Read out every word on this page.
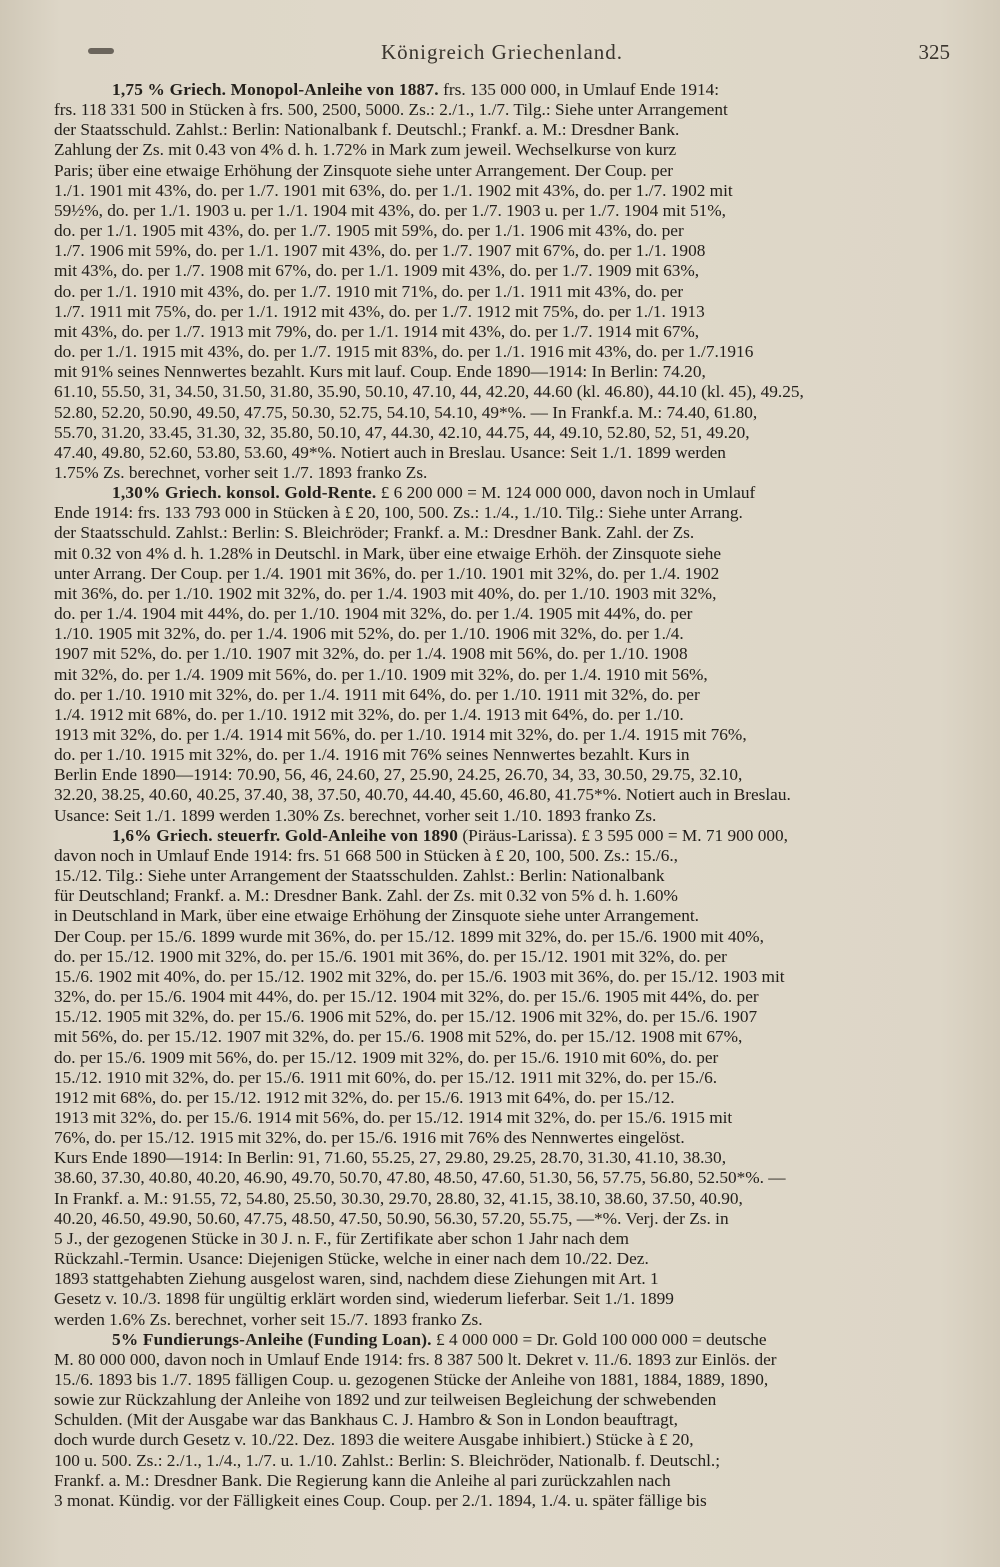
Königreich Griechenland.	325

1,75 % Griech. Monopol-Anleihe von 1887. frs. 135 000 000, in Umlauf Ende 1914:

frs. 118 331 500 in Stücken à frs. 500, 2500, 5000. Zs.: 2./1., 1./7. Tilg.: Siehe unter Arrangement

der Staatsschuld. Zahlst.: Berlin: Nationalbank f. Deutschl.; Frankf. a. M.: Dresdner Bank.

Zahlung der Zs. mit 0.43 von 4% d. h. 1.72% in Mark zum jeweil. Wechselkurse von kurz

Paris; über eine etwaige Erhöhung der Zinsquote siehe unter Arrangement. Der Coup. per

1./1. 1901 mit 43%, do. per 1./7. 1901 mit 63%, do. per 1./1. 1902 mit 43%, do. per 1./7. 1902 mit

59½%, do. per 1./1. 1903 u. per 1./1. 1904 mit 43%, do. per 1./7. 1903 u. per 1./7. 1904 mit 51%,

do. per 1./1. 1905 mit 43%, do. per 1./7. 1905 mit 59%, do. per 1./1. 1906 mit 43%, do. per

1./7. 1906 mit 59%, do. per 1./1. 1907 mit 43%, do. per 1./7. 1907 mit 67%, do. per 1./1. 1908

mit 43%, do. per 1./7. 1908 mit 67%, do. per 1./1. 1909 mit 43%, do. per 1./7. 1909 mit 63%,

do. per 1./1. 1910 mit 43%, do. per 1./7. 1910 mit 71%, do. per 1./1. 1911 mit 43%, do. per

1./7. 1911 mit 75%, do. per 1./1. 1912 mit 43%, do. per 1./7. 1912 mit 75%, do. per 1./1. 1913

mit 43%, do. per 1./7. 1913 mit 79%, do. per 1./1. 1914 mit 43%, do. per 1./7. 1914 mit 67%,

do. per 1./1. 1915 mit 43%, do. per 1./7. 1915 mit 83%, do. per 1./1. 1916 mit 43%, do. per 1./7.1916

mit 91% seines Nennwertes bezahlt. Kurs mit lauf. Coup. Ende 1890—1914: In Berlin: 74.20,

61.10, 55.50, 31, 34.50, 31.50, 31.80, 35.90, 50.10, 47.10, 44, 42.20, 44.60 (kl. 46.80), 44.10 (kl. 45), 49.25,

52.80, 52.20, 50.90, 49.50, 47.75, 50.30, 52.75, 54.10, 54.10, 49*%. — In Frankf.a. M.: 74.40, 61.80,

55.70, 31.20, 33.45, 31.30, 32, 35.80, 50.10, 47, 44.30, 42.10, 44.75, 44, 49.10, 52.80, 52, 51, 49.20,

47.40, 49.80, 52.60, 53.80, 53.60, 49*%. Notiert auch in Breslau. Usance: Seit 1./1. 1899 werden

1.75% Zs. berechnet, vorher seit 1./7. 1893 franko Zs.

1,30% Griech. konsol. Gold-Rente. £ 6 200 000 = M. 124 000 000, davon noch in Umlauf

Ende 1914: frs. 133 793 000 in Stücken à £ 20, 100, 500. Zs.: 1./4., 1./10. Tilg.: Siehe unter Arrang.

der Staatsschuld. Zahlst.: Berlin: S. Bleichröder; Frankf. a. M.: Dresdner Bank. Zahl. der Zs.

mit 0.32 von 4% d. h. 1.28% in Deutschl. in Mark, über eine etwaige Erhöh. der Zinsquote siehe

unter Arrang. Der Coup. per 1./4. 1901 mit 36%, do. per 1./10. 1901 mit 32%, do. per 1./4. 1902

mit 36%, do. per 1./10. 1902 mit 32%, do. per 1./4. 1903 mit 40%, do. per 1./10. 1903 mit 32%,

do. per 1./4. 1904 mit 44%, do. per 1./10. 1904 mit 32%, do. per 1./4. 1905 mit 44%, do. per

1./10. 1905 mit 32%, do. per 1./4. 1906 mit 52%, do. per 1./10. 1906 mit 32%, do. per 1./4.

1907 mit 52%, do. per 1./10. 1907 mit 32%, do. per 1./4. 1908 mit 56%, do. per 1./10. 1908

mit 32%, do. per 1./4. 1909 mit 56%, do. per 1./10. 1909 mit 32%, do. per 1./4. 1910 mit 56%,

do. per 1./10. 1910 mit 32%, do. per 1./4. 1911 mit 64%, do. per 1./10. 1911 mit 32%, do. per

1./4. 1912 mit 68%, do. per 1./10. 1912 mit 32%, do. per 1./4. 1913 mit 64%, do. per 1./10.

1913 mit 32%, do. per 1./4. 1914 mit 56%, do. per 1./10. 1914 mit 32%, do. per 1./4. 1915 mit 76%,

do. per 1./10. 1915 mit 32%, do. per 1./4. 1916 mit 76% seines Nennwertes bezahlt. Kurs in

Berlin Ende 1890—1914: 70.90, 56, 46, 24.60, 27, 25.90, 24.25, 26.70, 34, 33, 30.50, 29.75, 32.10,

32.20, 38.25, 40.60, 40.25, 37.40, 38, 37.50, 40.70, 44.40, 45.60, 46.80, 41.75*%. Notiert auch in Breslau.

Usance: Seit 1./1. 1899 werden 1.30% Zs. berechnet, vorher seit 1./10. 1893 franko Zs.

1,6% Griech. steuerfr. Gold-Anleihe von 1890 (Piräus-Larissa). £ 3 595 000 = M. 71 900 000,

davon noch in Umlauf Ende 1914: frs. 51 668 500 in Stücken à £ 20, 100, 500. Zs.: 15./6.,

15./12. Tilg.: Siehe unter Arrangement der Staatsschulden. Zahlst.: Berlin: Nationalbank

für Deutschland; Frankf. a. M.: Dresdner Bank. Zahl. der Zs. mit 0.32 von 5% d. h. 1.60%

in Deutschland in Mark, über eine etwaige Erhöhung der Zinsquote siehe unter Arrangement.

Der Coup. per 15./6. 1899 wurde mit 36%, do. per 15./12. 1899 mit 32%, do. per 15./6. 1900 mit 40%,

do. per 15./12. 1900 mit 32%, do. per 15./6. 1901 mit 36%, do. per 15./12. 1901 mit 32%, do. per

15./6. 1902 mit 40%, do. per 15./12. 1902 mit 32%, do. per 15./6. 1903 mit 36%, do. per 15./12. 1903 mit

32%, do. per 15./6. 1904 mit 44%, do. per 15./12. 1904 mit 32%, do. per 15./6. 1905 mit 44%, do. per

15./12. 1905 mit 32%, do. per 15./6. 1906 mit 52%, do. per 15./12. 1906 mit 32%, do. per 15./6. 1907

mit 56%, do. per 15./12. 1907 mit 32%, do. per 15./6. 1908 mit 52%, do. per 15./12. 1908 mit 67%,

do. per 15./6. 1909 mit 56%, do. per 15./12. 1909 mit 32%, do. per 15./6. 1910 mit 60%, do. per

15./12. 1910 mit 32%, do. per 15./6. 1911 mit 60%, do. per 15./12. 1911 mit 32%, do. per 15./6.

1912 mit 68%, do. per 15./12. 1912 mit 32%, do. per 15./6. 1913 mit 64%, do. per 15./12.

1913 mit 32%, do. per 15./6. 1914 mit 56%, do. per 15./12. 1914 mit 32%, do. per 15./6. 1915 mit

76%, do. per 15./12. 1915 mit 32%, do. per 15./6. 1916 mit 76% des Nennwertes eingelöst.

Kurs Ende 1890—1914: In Berlin: 91, 71.60, 55.25, 27, 29.80, 29.25, 28.70, 31.30, 41.10, 38.30,

38.60, 37.30, 40.80, 40.20, 46.90, 49.70, 50.70, 47.80, 48.50, 47.60, 51.30, 56, 57.75, 56.80, 52.50*%. —

In Frankf. a. M.: 91.55, 72, 54.80, 25.50, 30.30, 29.70, 28.80, 32, 41.15, 38.10, 38.60, 37.50, 40.90,

40.20, 46.50, 49.90, 50.60, 47.75, 48.50, 47.50, 50.90, 56.30, 57.20, 55.75, —*%. Verj. der Zs. in

5 J., der gezogenen Stücke in 30 J. n. F., für Zertifikate aber schon 1 Jahr nach dem

Rückzahl.-Termin. Usance: Diejenigen Stücke, welche in einer nach dem 10./22. Dez.

1893 stattgehabten Ziehung ausgelost waren, sind, nachdem diese Ziehungen mit Art. 1

Gesetz v. 10./3. 1898 für ungültig erklärt worden sind, wiederum lieferbar. Seit 1./1. 1899

werden 1.6% Zs. berechnet, vorher seit 15./7. 1893 franko Zs.

5% Fundierungs-Anleihe (Funding Loan). £ 4 000 000 = Dr. Gold 100 000 000 = deutsche

M. 80 000 000, davon noch in Umlauf Ende 1914: frs. 8 387 500 lt. Dekret v. 11./6. 1893 zur Einlös. der

15./6. 1893 bis 1./7. 1895 fälligen Coup. u. gezogenen Stücke der Anleihe von 1881, 1884, 1889, 1890,

sowie zur Rückzahlung der Anleihe von 1892 und zur teilweisen Begleichung der schwebenden

Schulden. (Mit der Ausgabe war das Bankhaus C. J. Hambro & Son in London beauftragt,

doch wurde durch Gesetz v. 10./22. Dez. 1893 die weitere Ausgabe inhibiert.) Stücke à £ 20,

100 u. 500. Zs.: 2./1., 1./4., 1./7. u. 1./10. Zahlst.: Berlin: S. Bleichröder, Nationalb. f. Deutschl.;

Frankf. a. M.: Dresdner Bank. Die Regierung kann die Anleihe al pari zurückzahlen nach

3 monat. Kündig. vor der Fälligkeit eines Coup. Coup. per 2./1. 1894, 1./4. u. später fällige bis
